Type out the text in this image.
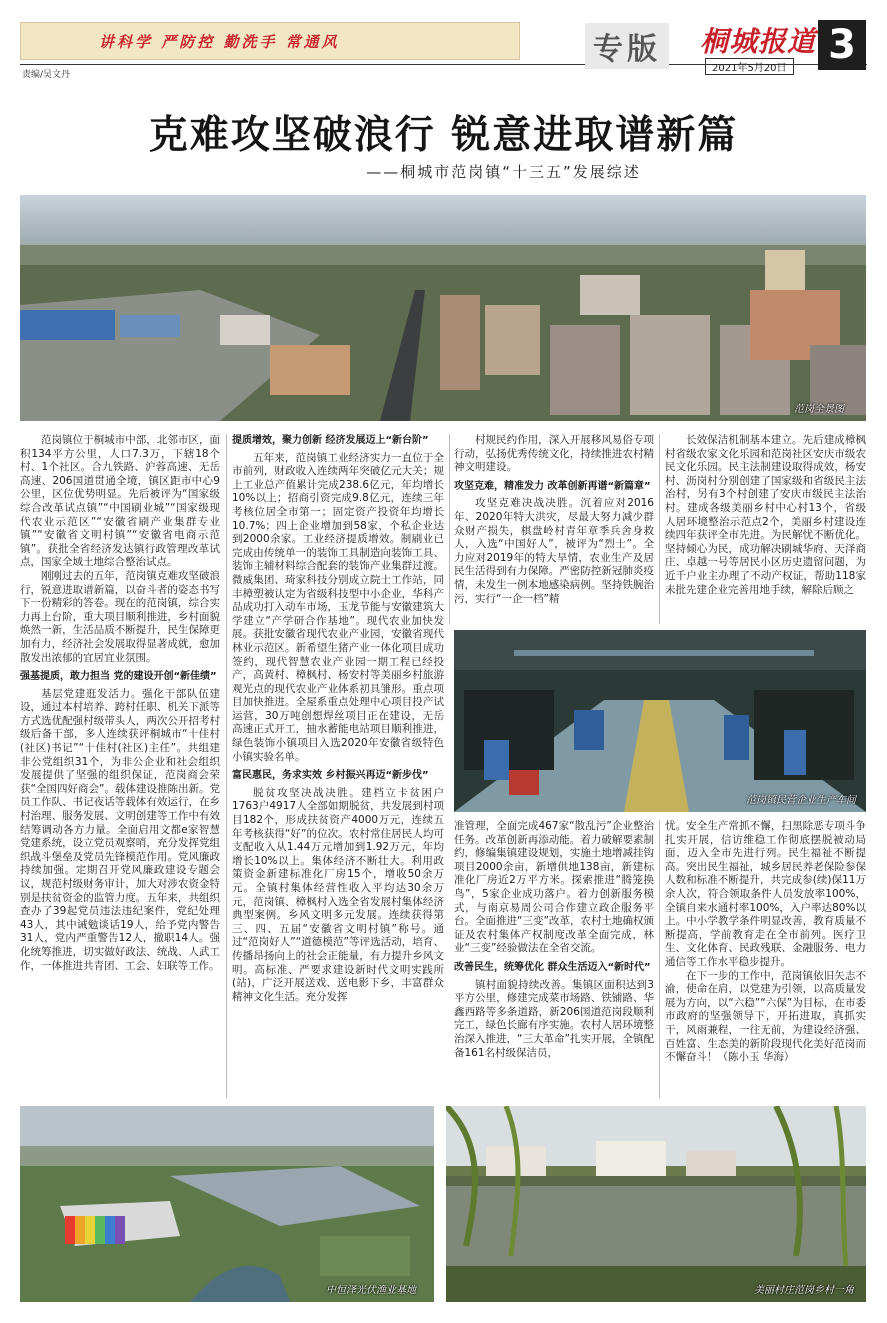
讲科学 严防控 勤洗手 常通风
责编/吴文丹
专版 桐城报道
2021年5月20日
3
克难攻坚破浪行 锐意进取谱新篇
——桐城市范岗镇“十三五”发展综述
范岗全景图

范岗镇位于桐城市中部，北邻市区，面积134平方公里，人口7.3万，下辖18个村、1个社区。合九铁路、沪蓉高速、无岳高速、206国道贯通全境，镇区距市中心9公里，区位优势明显。先后被评为“国家级综合改革试点镇”“中国刷业城”“国家级现代农业示范区”“安徽省刷产业集群专业镇”“安徽省文明村镇”“安徽省电商示范镇”。获批全省经济发达镇行政管理改革试点，国家全域土地综合整治试点。

刚刚过去的五年，范岗镇克难攻坚破浪行，锐意进取谱新篇，以奋斗者的姿态书写下一份精彩的答卷。现在的范岗镇，综合实力再上台阶，重大项目顺利推进，乡村面貌焕然一新，生活品质不断提升，民生保障更加有力，经济社会发展取得显著成就，愈加散发出浓郁的宜居宜业氛围。

强基提质，敢力担当 党的建设开创“新佳绩”

基层党建逛发活力。强化干部队伍建设，通过本村培养、跨村任职、机关下派等方式选优配强村级带头人，两次公开招考村级后备干部，多人连续获评桐城市“十佳村(社区)书记”“十佳村(社区)主任”。共组建非公党组织31个，为非公企业和社会组织发展提供了坚强的组织保证，范岗商会荣获“全国四好商会”。载体建设推陈出新。党员工作队、书记夜话等载体有效运行，在乡村治理、服务发展、文明创建等工作中有效结筹调动各方力量。全面启用文都e家智慧党建系统，设立党员观察哨，充分发挥党组织战斗堡垒及党员先锋模范作用。党风廉政持续加强。定期召开党风廉政建设专题会议，规范村级财务审计，加大对涉农资金特别是扶贫资金的监管力度。五年来，共组织查办了39起党员违法违纪案件，党纪处理43人，其中诫勉谈话19人，给予党内警告31人，党内严重警告12人，撤职14人。强化统筹推进，切实做好政法、统战、人武工作，一体推进共青团、工会、妇联等工作。

提质增效，聚力创新 经济发展迈上“新台阶”

五年来，范岗镇工业经济实力一直位于全市前列，财政收入连续两年突破亿元大关；规上工业总产值累计完成238.6亿元，年均增长10%以上；招商引资完成9.8亿元，连续三年考核位居全市第一；固定资产投资年均增长10.7%；四上企业增加到58家，个私企业达到2000余家。工业经济提质增效。制刷业已完成由传统单一的装饰工具制造向装饰工具、装饰主辅材料综合配套的装饰产业集群过渡。微威集团、琦家科技分别成立院士工作站，同丰樟塑被认定为省级科技型中小企业，华科产品成功打入动车市场，玉龙节能与安徽建筑大学建立“产学研合作基地”。现代农业加快发展。获批安徽省现代农业产业园，安徽省现代林业示范区。新希望生猪产业一体化项目成功签约，现代智慧农业产业园一期工程已经投产，高黄村、樟枫村、杨安村等美丽乡村旅游观光点的现代农业产业体系初具雏形。重点项目加快推进。全屋系重点处理中心项目投产试运营，30万吨创想焊丝项目正在建设，无岳高速正式开工，抽水蓄能电站项目顺利推进，绿色装饰小镇项目入选2020年安徽省级特色小镇实验名单。

富民惠民，务求实效 乡村振兴再迈“新步伐”

脱贫攻坚决战决胜。建档立卡贫困户1763户4917人全部如期脱贫，共发展到村项目182个，形成扶贫资产4000万元，连续五年考核获得“好”的位次。农村常住居民人均可支配收入从1.44万元增加到1.92万元，年均增长10%以上。集体经济不断壮大。利用政策资金新建标准化厂房15个，增收50余万元。全镇村集体经营性收入平均达30余万元，范岗镇、樟枫村入选全省发展村集体经济典型案例。乡风文明多元发展。连续获得第三、四、五届“安徽省文明村镇”称号。通过“范岗好人”“道德模范”等评选活动，培育、传播昂扬向上的社会正能量，有力提升乡风文明。高标准、严要求建设新时代文明实践所(站)，广泛开展送戏、送电影下乡，丰富群众精神文化生活。充分发挥

村规民约作用，深入开展移风易俗专项行动，弘扬优秀传统文化，持续推进农村精神文明建设。

攻坚克难，精准发力 改革创新再谱“新篇章”

攻坚克难决战决胜。沉着应对2016年、2020年特大洪灾，尽最大努力减少群众财产损失，棋盘岭村青年章季兵舍身救人，入选“中国好人”，被评为“烈士”。全力应对2019年的特大旱情，农业生产及居民生活得到有力保障。严密防控新冠肺炎疫情，未发生一例本地感染病例。坚持铁腕治污，实行“一企一档”精

长效保洁机制基本建立。先后建成樟枫村省级农家文化乐园和范岗社区安庆市级农民文化乐园。民主法制建设取得成效，杨安村、沥岗村分别创建了国家级和省级民主法治村，另有3个村创建了安庆市级民主法治村。建成各级美丽乡村中心村13个，省级人居环境整治示范点2个，美丽乡村建设连续四年获评全市先进。为民解忧不断优化。坚持倾心为民，成功解决刷城华府、天泽商庄、卓越一号等居民小区历史遗留问题，为近千户业主办理了不动产权证，帮助118家未批先建企业完善用地手续，解除后顾之

范岗镇民营企业生产车间

准管理，全面完成467家“散乱污”企业整治任务。改革创新再添动能。着力破解要素制约，修编集镇建设规划，实施土地增减挂钩项目2000余亩，新增供地138亩，新建标准化厂房近2万平方米。探索推进“腾笼换鸟”，5家企业成功落户。着力创新服务模式，与南京易周公司合作建立政企服务平台。全面推进“三变”改革，农村土地确权颁证及农村集体产权制度改革全面完成，林业“三变”经验做法在全省交流。

改善民生，统筹优化 群众生活迈入“新时代”

镇村面貌持续改善。集镇区面积达到3平方公里，修建完成菜市场路、铁铺路、华鑫西路等多条道路，新206国道范岗段顺利完工，绿色长廊有序实施。农村人居环境整治深入推进，“三大革命”扎实开展，全镇配备161名村级保洁员，

忧。安全生产常抓不懈，扫黑除恶专项斗争扎实开展，信访维稳工作彻底摆脱被动局面，迈入全市先进行列。民生福祉不断提高。突出民生福祉，城乡居民养老保险参保人数和标准不断提升，共完成参(续)保11万余人次，符合领取条件人员发放率100%，全镇自来水通村率100%，入户率达80%以上。中小学教学条件明显改善，教育质量不断提高，学前教育走在全市前列。医疗卫生、文化体育、民政残联、金融服务、电力通信等工作水平稳步提升。

在下一步的工作中，范岗镇依旧矢志不渝，使命在肩，以党建为引领，以高质量发展为方向，以“六稳”“六保”为目标，在市委市政府的坚强领导下，开拓进取，真抓实干，风雨兼程，一往无前，为建设经济强、百姓富、生态美的新阶段现代化美好范岗而不懈奋斗！（陈小玉 华海）

中恒泽光伏渔业基地	美丽村庄范岗乡村一角
